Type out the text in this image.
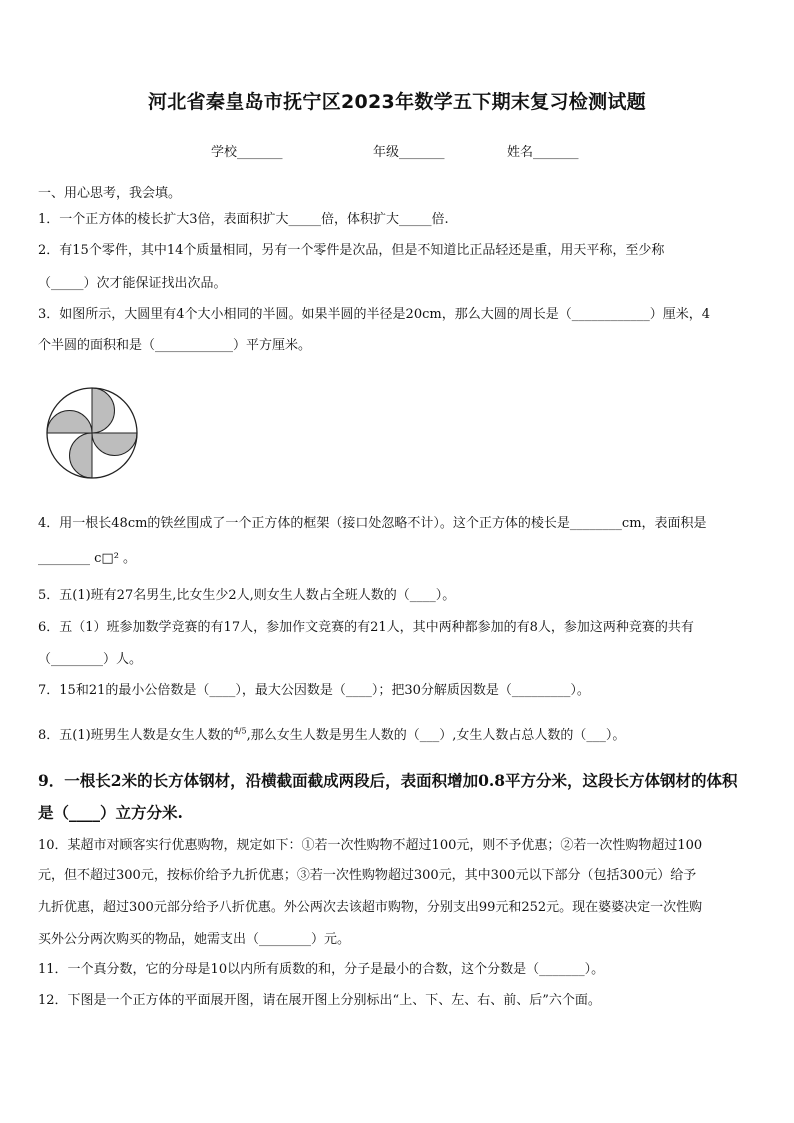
河北省秦皇岛市抚宁区2023年数学五下期末复习检测试题
学校_______	年级_______	姓名_______
一、用心思考，我会填。
1．一个正方体的棱长扩大3倍，表面积扩大_____倍，体积扩大_____倍.
2．有15个零件，其中14个质量相同，另有一个零件是次品，但是不知道比正品轻还是重，用天平称，至少称
（_____）次才能保证找出次品。
3．如图所示，大圆里有4个大小相同的半圆。如果半圆的半径是20cm，那么大圆的周长是（____________）厘米，4
个半圆的面积和是（____________）平方厘米。
4．用一根长48cm的铁丝围成了一个正方体的框架（接口处忽略不计）。这个正方体的棱长是________cm，表面积是
________ c□² 。
5．五(1)班有27名男生,比女生少2人,则女生人数占全班人数的（____）。
6．五（1）班参加数学竞赛的有17人，参加作文竞赛的有21人，其中两种都参加的有8人，参加这两种竞赛的共有
（________）人。
7．15和21的最小公倍数是（____），最大公因数是（____）；把30分解质因数是（_________）。
8．五(1)班男生人数是女生人数的$^{4/5}$,那么女生人数是男生人数的（___）,女生人数占总人数的（___）。
9．一根长2米的长方体钢材，沿横截面截成两段后，表面积增加0.8平方分米，这段长方体钢材的体积
是（____）立方分米.
10．某超市对顾客实行优惠购物，规定如下：①若一次性购物不超过100元，则不予优惠；②若一次性购物超过100
元，但不超过300元，按标价给予九折优惠；③若一次性购物超过300元，其中300元以下部分（包括300元）给予
九折优惠，超过300元部分给予八折优惠。外公两次去该超市购物，分别支出99元和252元。现在婆婆决定一次性购
买外公分两次购买的物品，她需支出（________）元。
11．一个真分数，它的分母是10以内所有质数的和，分子是最小的合数，这个分数是（_______）。
12．下图是一个正方体的平面展开图，请在展开图上分别标出“上、下、左、右、前、后”六个面。
